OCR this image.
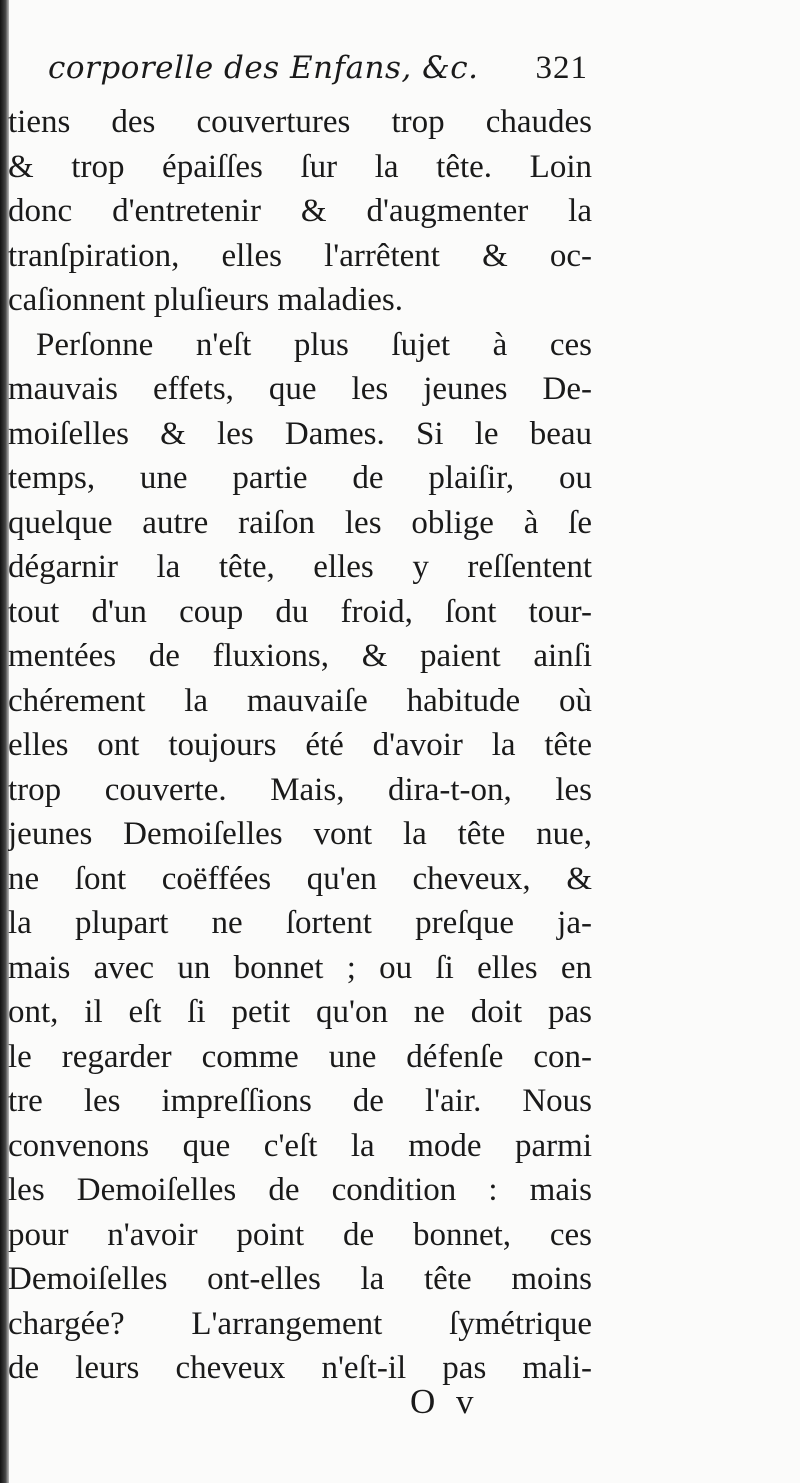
corporelle des Enfans, &c. 321
tiens des couvertures trop chaudes
& trop épaiſſes ſur la tête. Loin
donc d'entretenir & d'augmenter la
tranſpiration, elles l'arrêtent & oc-
caſionnent pluſieurs maladies.
Perſonne n'eſt plus ſujet à ces
mauvais effets, que les jeunes De-
moiſelles & les Dames. Si le beau
temps, une partie de plaiſir, ou
quelque autre raiſon les oblige à ſe
dégarnir la tête, elles y reſſentent
tout d'un coup du froid, ſont tour-
mentées de fluxions, & paient ainſi
chérement la mauvaiſe habitude où
elles ont toujours été d'avoir la tête
trop couverte. Mais, dira-t-on, les
jeunes Demoiſelles vont la tête nue,
ne ſont coëffées qu'en cheveux, &
la plupart ne ſortent preſque ja-
mais avec un bonnet ; ou ſi elles en
ont, il eſt ſi petit qu'on ne doit pas
le regarder comme une défenſe con-
tre les impreſſions de l'air. Nous
convenons que c'eſt la mode parmi
les Demoiſelles de condition : mais
pour n'avoir point de bonnet, ces
Demoiſelles ont-elles la tête moins
chargée? L'arrangement ſymétrique
de leurs cheveux n'eſt-il pas mali-
O v
